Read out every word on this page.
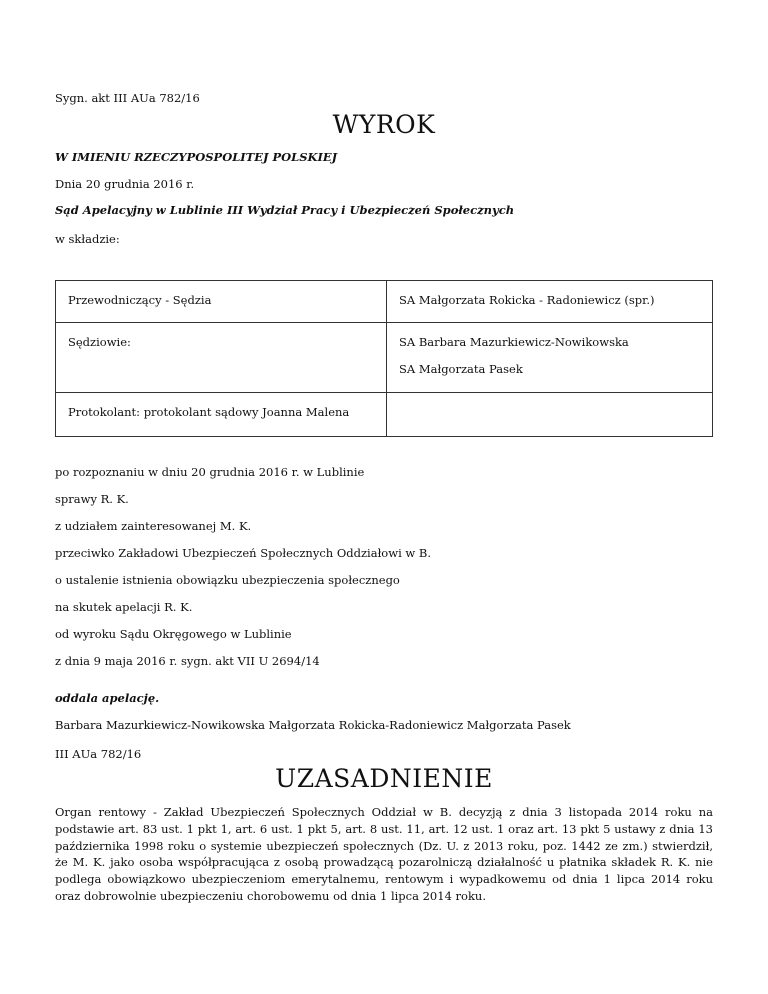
Sygn. akt III AUa 782/16
WYROK
W IMIENIU RZECZYPOSPOLITEJ POLSKIEJ
Dnia 20 grudnia 2016 r.
Sąd Apelacyjny w Lublinie III Wydział Pracy i Ubezpieczeń Społecznych
w składzie:
Przewodniczący - Sędzia	SA Małgorzata Rokicka - Radoniewicz (spr.)

Sędziowie:	SA Barbara Mazurkiewicz-Nowikowska
SA Małgorzata Pasek

Protokolant: protokolant sądowy Joanna Malena	

po rozpoznaniu w dniu 20 grudnia 2016 r. w Lublinie
sprawy R. K.
z udziałem zainteresowanej M. K.
przeciwko Zakładowi Ubezpieczeń Społecznych Oddziałowi w B.
o ustalenie istnienia obowiązku ubezpieczenia społecznego
na skutek apelacji R. K.
od wyroku Sądu Okręgowego w Lublinie
z dnia 9 maja 2016 r. sygn. akt VII U 2694/14
oddala apelację.
Barbara Mazurkiewicz-Nowikowska Małgorzata Rokicka-Radoniewicz Małgorzata Pasek
III AUa 782/16
UZASADNIENIE
Organ rentowy - Zakład Ubezpieczeń Społecznych Oddział w B. decyzją z dnia 3 listopada 2014 roku na podstawie art. 83 ust. 1 pkt 1, art. 6 ust. 1 pkt 5, art. 8 ust. 11, art. 12 ust. 1 oraz art. 13 pkt 5 ustawy z dnia 13 października 1998 roku o systemie ubezpieczeń społecznych (Dz. U. z 2013 roku, poz. 1442 ze zm.) stwierdził, że M. K. jako osoba współpracująca z osobą prowadzącą pozarolniczą działalność u płatnika składek R. K. nie podlega obowiązkowo ubezpieczeniom emerytalnemu, rentowym i wypadkowemu od dnia 1 lipca 2014 roku oraz dobrowolnie ubezpieczeniu chorobowemu od dnia 1 lipca 2014 roku.
